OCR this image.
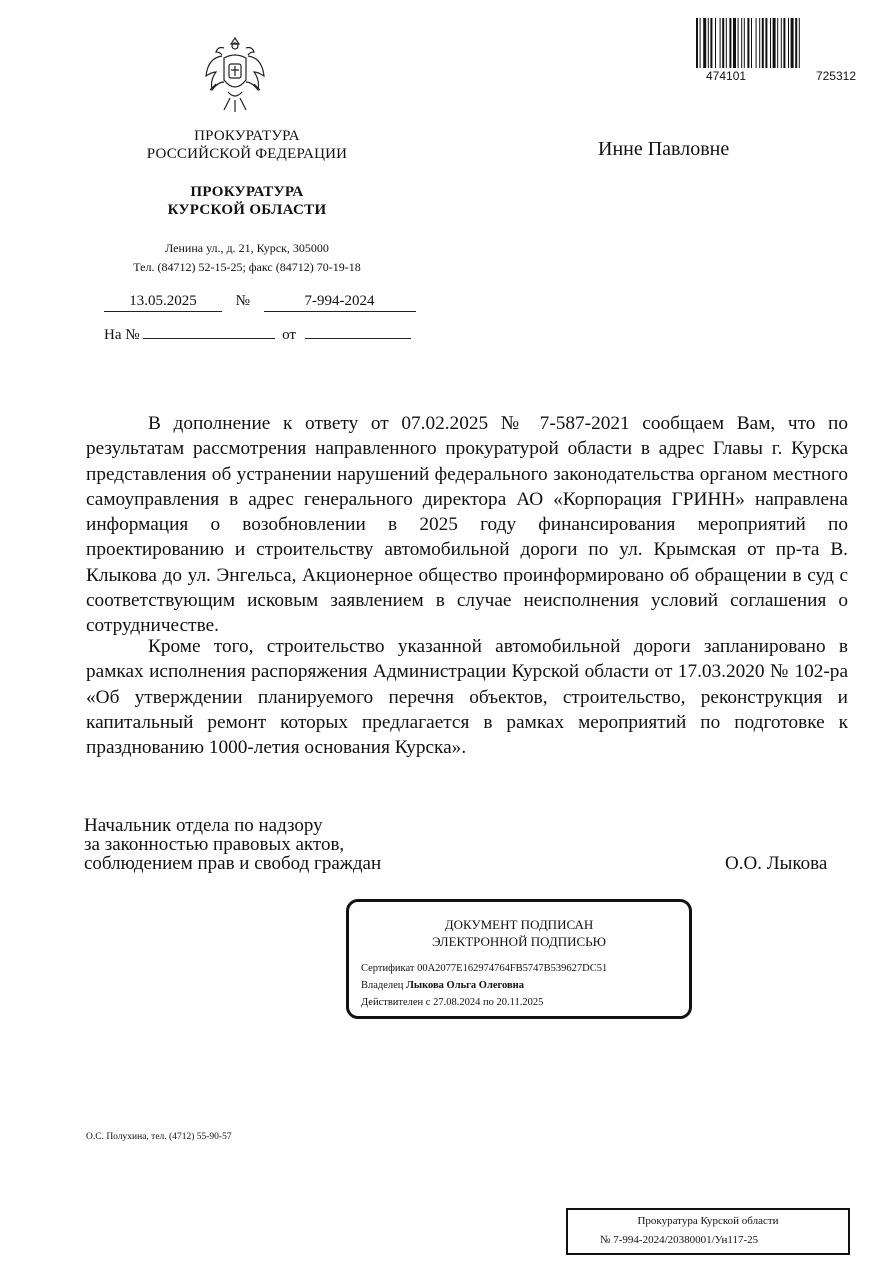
474101	725312
ПРОКУРАТУРА
РОССИЙСКОЙ ФЕДЕРАЦИИ
ПРОКУРАТУРА
КУРСКОЙ ОБЛАСТИ
Ленина ул., д. 21, Курск, 305000
Тел. (84712) 52-15-25; факс (84712) 70-19-18
13.05.2025	№	7-994-2024
На №	от
Инне Павловне
В дополнение к ответу от 07.02.2025 № 7-587-2021 сообщаем Вам, что по результатам рассмотрения направленного прокуратурой области в адрес Главы г. Курска представления об устранении нарушений федерального законодательства органом местного самоуправления в адрес генерального директора АО «Корпорация ГРИНН» направлена информация о возобновлении в 2025 году финансирования мероприятий по проектированию и строительству автомобильной дороги по ул. Крымская от пр-та В. Клыкова до ул. Энгельса, Акционерное общество проинформировано об обращении в суд с соответствующим исковым заявлением в случае неисполнения условий соглашения о сотрудничестве.
Кроме того, строительство указанной автомобильной дороги запланировано в рамках исполнения распоряжения Администрации Курской области от 17.03.2020 № 102-ра «Об утверждении планируемого перечня объектов, строительство, реконструкция и капитальный ремонт которых предлагается в рамках мероприятий по подготовке к празднованию 1000-летия основания Курска».
Начальник отдела по надзору
за законностью правовых актов,
соблюдением прав и свобод граждан	О.О. Лыкова
ДОКУМЕНТ ПОДПИСАН
ЭЛЕКТРОННОЙ ПОДПИСЬЮ
Сертификат 00A2077E162974764FB5747B539627DC51
Владелец Лыкова Ольга Олеговна
Действителен с 27.08.2024 по 20.11.2025
О.С. Полухина, тел. (4712) 55-90-57
Прокуратура Курской области
№ 7-994-2024/20380001/Ун117-25
